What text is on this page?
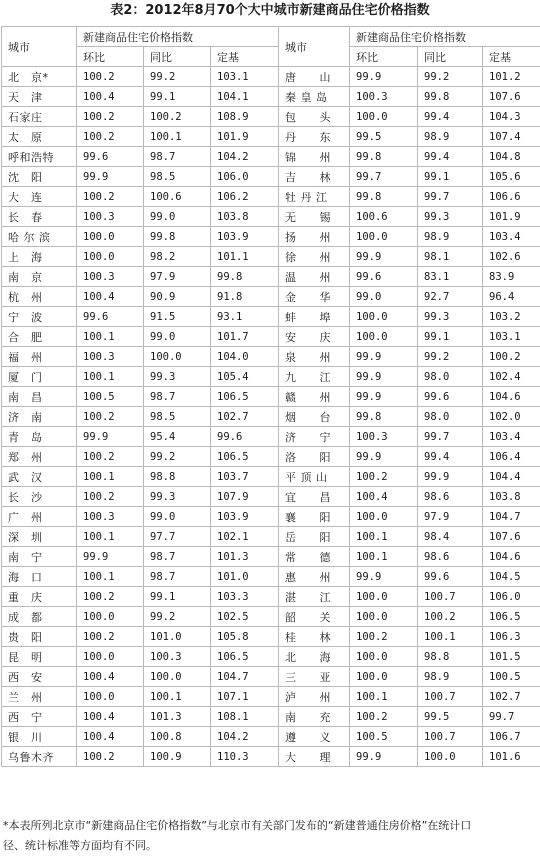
表2：2012年8月70个大中城市新建商品住宅价格指数
城市	新建商品住宅价格指数			城市	新建商品住宅价格指数		
	环比	同比	定基		环比	同比	定基
北　京*	100.2	99.2	103.1	唐　　山	99.9	99.2	101.2
天　津	100.4	99.1	104.1	秦 皇 岛	100.3	99.8	107.6
石家庄	100.2	100.2	108.9	包　　头	100.0	99.4	104.3
太　原	100.2	100.1	101.9	丹　　东	99.5	98.9	107.4
呼和浩特	99.6	98.7	104.2	锦　　州	99.8	99.4	104.8
沈　阳	99.9	98.5	106.0	吉　　林	99.7	99.1	105.6
大　连	100.2	100.6	106.2	牡 丹 江	99.8	99.7	106.6
长　春	100.3	99.0	103.8	无　　锡	100.6	99.3	101.9
哈 尔 滨	100.0	99.8	103.9	扬　　州	100.0	98.9	103.4
上　海	100.0	98.2	101.1	徐　　州	99.9	98.1	102.6
南　京	100.3	97.9	99.8	温　　州	99.6	83.1	83.9
杭　州	100.4	90.9	91.8	金　　华	99.0	92.7	96.4
宁　波	99.6	91.5	93.1	蚌　　埠	100.0	99.3	103.2
合　肥	100.1	99.0	101.7	安　　庆	100.0	99.1	103.1
福　州	100.3	100.0	104.0	泉　　州	99.9	99.2	100.2
厦　门	100.1	99.3	105.4	九　　江	99.9	98.0	102.4
南　昌	100.5	98.7	106.5	赣　　州	99.9	99.6	104.6
济　南	100.2	98.5	102.7	烟　　台	99.8	98.0	102.0
青　岛	99.9	95.4	99.6	济　　宁	100.3	99.7	103.4
郑　州	100.2	99.2	106.5	洛　　阳	99.9	99.4	106.4
武　汉	100.1	98.8	103.7	平 顶 山	100.2	99.9	104.4
长　沙	100.2	99.3	107.9	宜　　昌	100.4	98.6	103.8
广　州	100.3	99.0	103.9	襄　　阳	100.0	97.9	104.7
深　圳	100.1	97.7	102.1	岳　　阳	100.1	98.4	107.6
南　宁	99.9	98.7	101.3	常　　德	100.1	98.6	104.6
海　口	100.1	98.7	101.0	惠　　州	99.9	99.6	104.5
重　庆	100.2	99.1	103.3	湛　　江	100.0	100.7	106.0
成　都	100.0	99.2	102.5	韶　　关	100.0	100.2	106.5
贵　阳	100.2	101.0	105.8	桂　　林	100.2	100.1	106.3
昆　明	100.0	100.3	106.5	北　　海	100.0	98.8	101.5
西　安	100.4	100.0	104.7	三　　亚	100.0	98.9	100.5
兰　州	100.0	100.1	107.1	泸　　州	100.1	100.7	102.7
西　宁	100.4	101.3	108.1	南　　充	100.2	99.5	99.7
银　川	100.4	100.8	104.2	遵　　义	100.5	100.7	106.7
乌鲁木齐	100.2	100.9	110.3	大　　理	99.9	100.0	101.6
*本表所列北京市“新建商品住宅价格指数”与北京市有关部门发布的“新建普通住房价格”在统计口
径、统计标准等方面均有不同。
